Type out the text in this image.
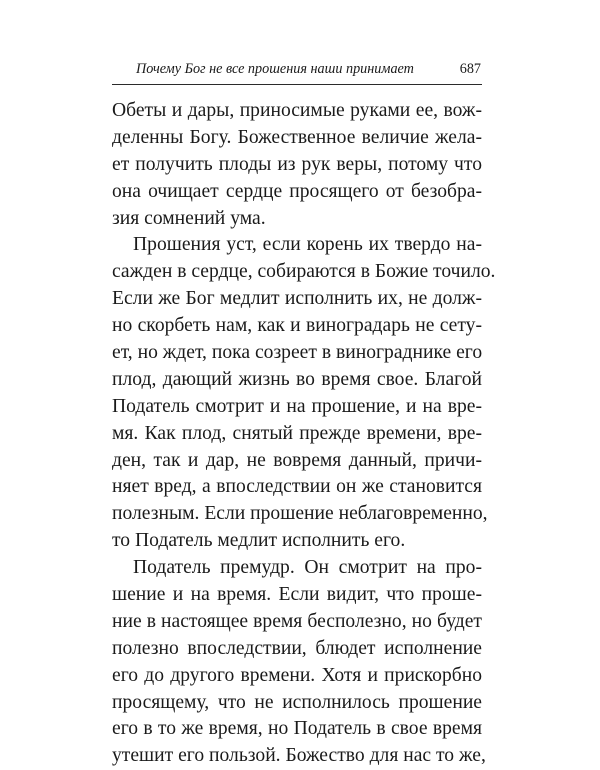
Почему Бог не все прошения наши принимает	687
Обеты и дары, приносимые руками ее, вож-
деленны Богу. Божественное величие жела-
ет получить плоды из рук веры, потому что
она очищает сердце просящего от безобра-
зия сомнений ума.
Прошения уст, если корень их твердо на-
сажден в сердце, собираются в Божие точило.
Если же Бог медлит исполнить их, не долж-
но скорбеть нам, как и виноградарь не сету-
ет, но ждет, пока созреет в винограднике его
плод, дающий жизнь во время свое. Благой
Податель смотрит и на прошение, и на вре-
мя. Как плод, снятый прежде времени, вре-
ден, так и дар, не вовремя данный, причи-
няет вред, а впоследствии он же становится
полезным. Если прошение неблаговременно,
то Податель медлит исполнить его.
Податель премудр. Он смотрит на про-
шение и на время. Если видит, что проше-
ние в настоящее время бесполезно, но будет
полезно впоследствии, блюдет исполнение
его до другого времени. Хотя и прискорбно
просящему, что не исполнилось прошение
его в то же время, но Податель в свое время
утешит его пользой. Божество для нас то же,
